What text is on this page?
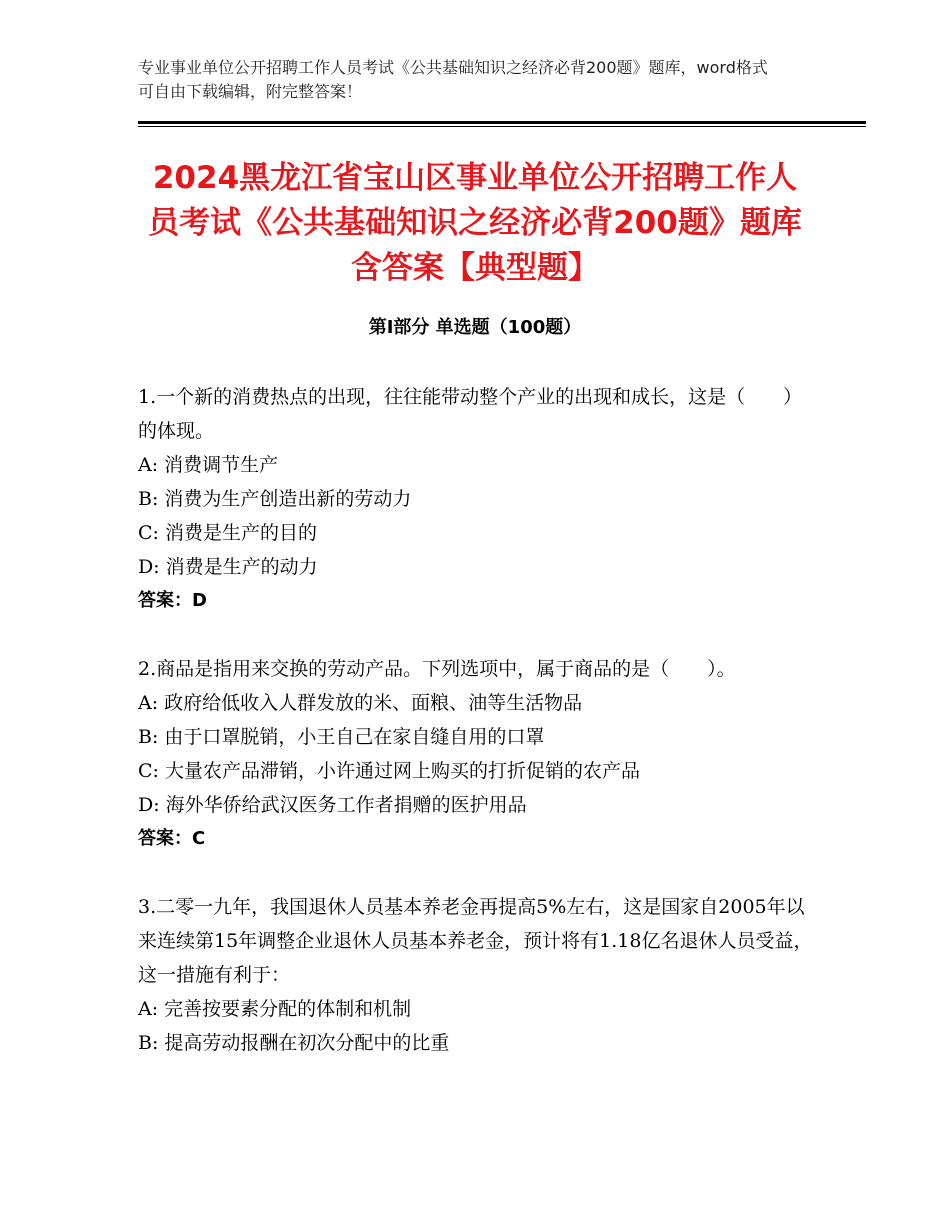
专业事业单位公开招聘工作人员考试《公共基础知识之经济必背200题》题库，word格式可自由下载编辑，附完整答案！
2024黑龙江省宝山区事业单位公开招聘工作人员考试《公共基础知识之经济必背200题》题库含答案【典型题】
第Ⅰ部分 单选题（100题）
1.一个新的消费热点的出现，往往能带动整个产业的出现和成长，这是（　　）的体现。
A: 消费调节生产
B: 消费为生产创造出新的劳动力
C: 消费是生产的目的
D: 消费是生产的动力
答案：D
2.商品是指用来交换的劳动产品。下列选项中，属于商品的是（　　）。
A: 政府给低收入人群发放的米、面粮、油等生活物品
B: 由于口罩脱销，小王自己在家自缝自用的口罩
C: 大量农产品滞销，小许通过网上购买的打折促销的农产品
D: 海外华侨给武汉医务工作者捐赠的医护用品
答案：C
3.二零一九年，我国退休人员基本养老金再提高5%左右，这是国家自2005年以来连续第15年调整企业退休人员基本养老金，预计将有1.18亿名退休人员受益，这一措施有利于：
A: 完善按要素分配的体制和机制
B: 提高劳动报酬在初次分配中的比重
